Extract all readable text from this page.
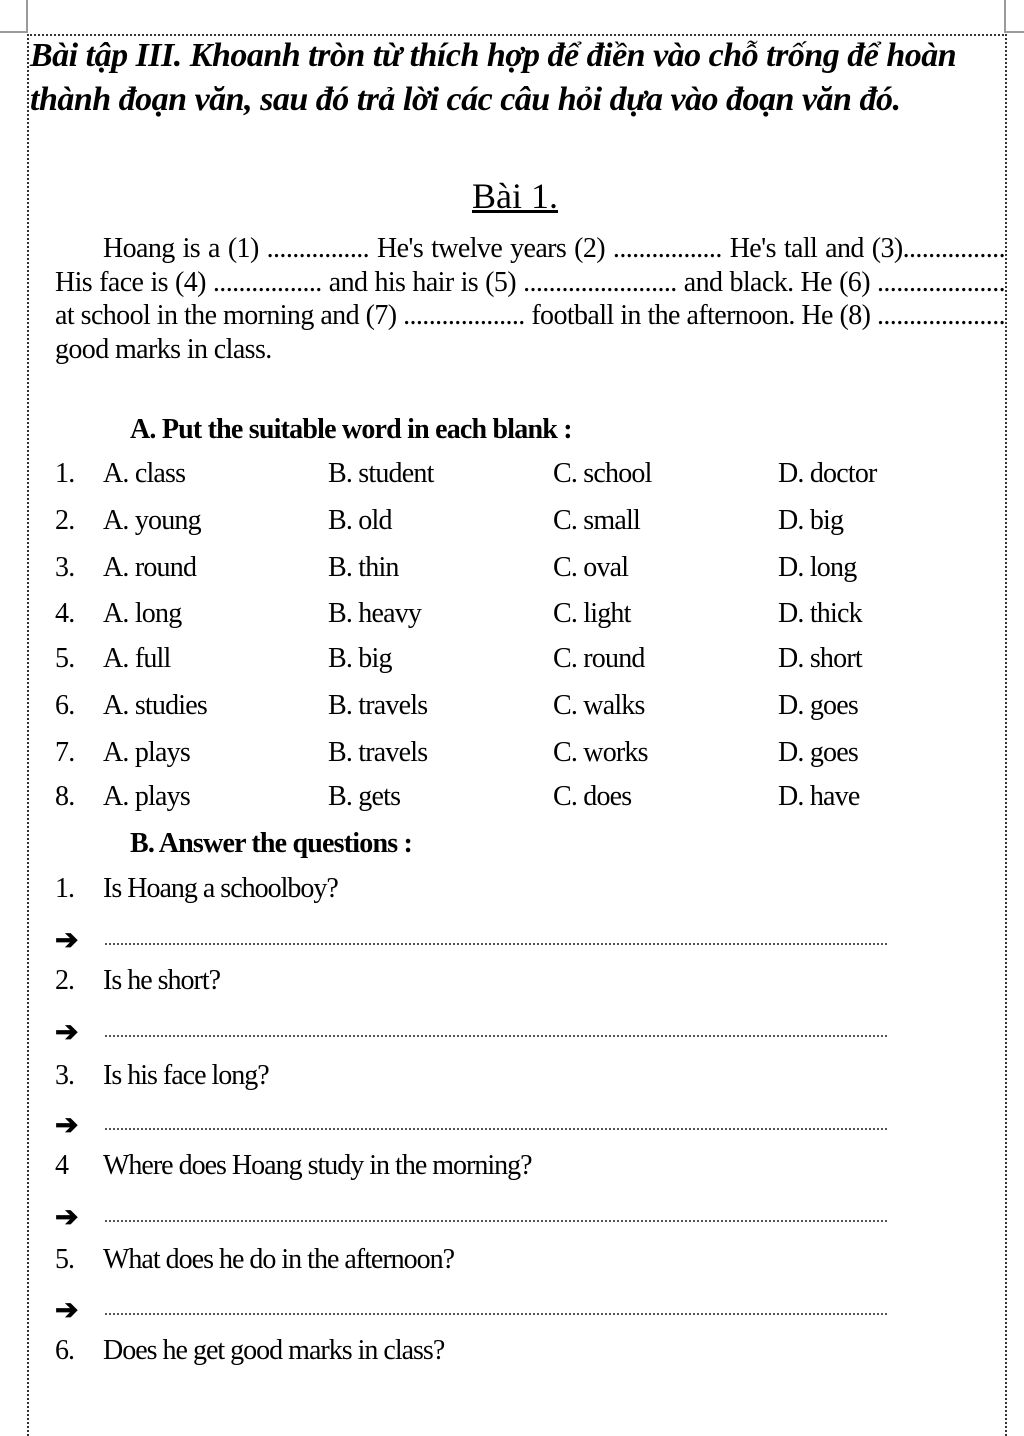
Bài tập III. Khoanh tròn từ thích hợp để điền vào chỗ trống để hoàn thành đoạn văn, sau đó trả lời các câu hỏi dựa vào đoạn văn đó.
Bài 1.
Hoang is a (1) ................ He's twelve years (2) ................. He's tall and (3)................ His face is (4) ................. and his hair is (5) ........................ and black. He (6) .................... at school in the morning and (7) ................... football in the afternoon. He (8) .................... good marks in class.
A. Put the suitable word in each blank :
1. A. class	B. student	C. school	D. doctor
2. A. young	B. old	C. small	D. big
3. A. round	B. thin	C. oval	D. long
4. A. long	B. heavy	C. light	D. thick
5. A. full	B. big	C. round	D. short
6. A. studies	B. travels	C. walks	D. goes
7. A. plays	B. travels	C. works	D. goes
8. A. plays	B. gets	C. does	D. have
B. Answer the questions :
1. Is Hoang a schoolboy?
➔
2. Is he short?
➔
3. Is his face long?
➔
4 Where does Hoang study in the morning?
➔
5. What does he do in the afternoon?
➔
6. Does he get good marks in class?
